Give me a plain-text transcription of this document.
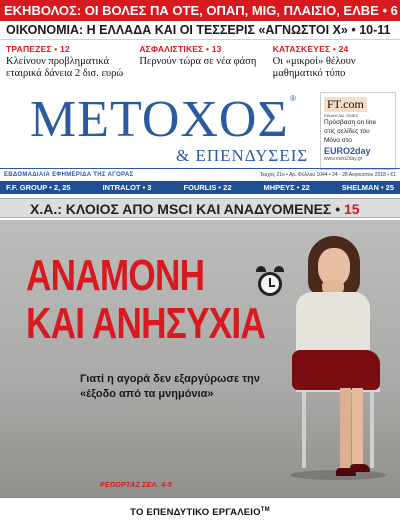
ΕΚΗΒΟΛΟΣ: ΟΙ ΒΟΛΕΣ ΠΑ ΟΤΕ, ΟΠΑΠ, MIG, ΠΛΑΙΣΙΟ, ΕΛΒΕ • 6
ΟΙΚΟΝΟΜΙΑ: Η ΕΛΛΑΔΑ ΚΑΙ ΟΙ ΤΕΣΣΕΡΙΣ «ΑΓΝΩΣΤΟΙ Χ» • 10-11
ΤΡΑΠΕΖΕΣ • 12
Κλείνουν προβληματικά εταιρικά δάνεια 2 δισ. ευρώ
ΑΣΦΑΛΙΣΤΙΚΕΣ • 13
Περνούν τώρα σε νέα φάση
ΚΑΤΑΣΚΕΥΕΣ • 24
Οι «μικροί» θέλουν μαθηματικό τύπο
ΜΕΤΟΧΟΣ ®
& ΕΠΕΝΔΥΣΕΙΣ
FT.com
FINANCIAL TIMES
Πρόσβαση on line
στις σελίδες του
Μόνο στο
EURO2day
www.euro2day.gr
ΕΒΔΟΜΑΔΙΑΙΑ ΕΦΗΜΕΡΙΔΑ ΤΗΣ ΑΓΟΡΑΣ	Τεύχος 21ο • Αρ. Φύλλου 1044 • 24 - 28 Αυγούστου 2018 • €1
F.F. GROUP • 2, 25	INTRALOT • 3	FOURLIS • 22	ΜΗΡΕΥΣ • 22	SHELMAN • 25
Χ.Α.: ΚΛΟΙΟΣ ΑΠΟ MSCI ΚΑΙ ΑΝΑΔΥΟΜΕΝΕΣ • 15
ΑΝΑΜΟΝΗ
ΚΑΙ ΑΝΗΣΥΧΙΑ
Γιατί η αγορά δεν εξαργύρωσε την «έξοδο από τα μνημόνια»
ΡΕΠΟΡΤΑΖ ΣΕΛ. 4-5
ΤΟ ΕΠΕΝΔΥΤΙΚΟ ΕΡΓΑΛΕΙΟ™
